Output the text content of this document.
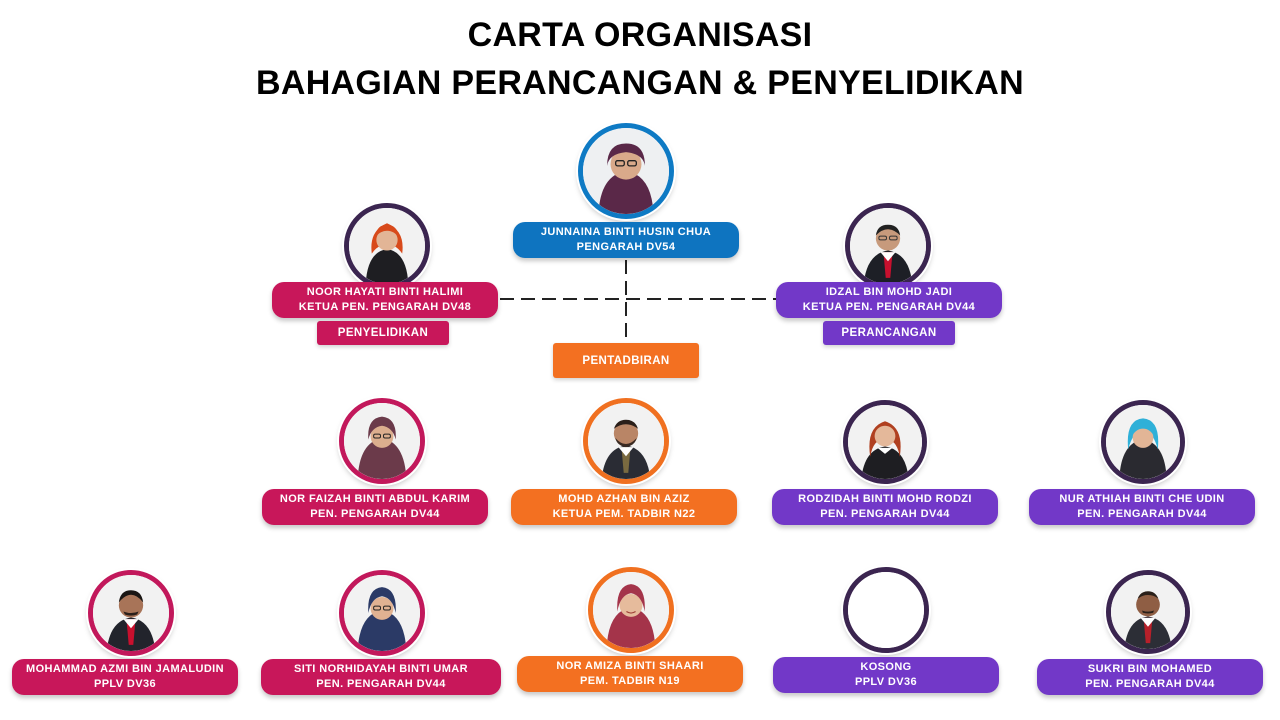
CARTA ORGANISASI
BAHAGIAN PERANCANGAN & PENYELIDIKAN
JUNNAINA BINTI HUSIN CHUA
PENGARAH DV54
NOOR HAYATI BINTI HALIMI
KETUA PEN. PENGARAH DV48
PENYELIDIKAN
IDZAL BIN MOHD JADI
KETUA PEN. PENGARAH DV44
PERANCANGAN
PENTADBIRAN
NOR FAIZAH BINTI ABDUL KARIM
PEN. PENGARAH DV44
MOHD AZHAN BIN AZIZ
KETUA PEM. TADBIR N22
RODZIDAH BINTI MOHD RODZI
PEN. PENGARAH DV44
NUR ATHIAH BINTI CHE UDIN
PEN. PENGARAH DV44
MOHAMMAD AZMI BIN JAMALUDIN
PPLV DV36
SITI NORHIDAYAH BINTI UMAR
PEN. PENGARAH DV44
NOR AMIZA BINTI SHAARI
PEM. TADBIR N19
KOSONG
PPLV DV36
SUKRI BIN MOHAMED
PEN. PENGARAH DV44
